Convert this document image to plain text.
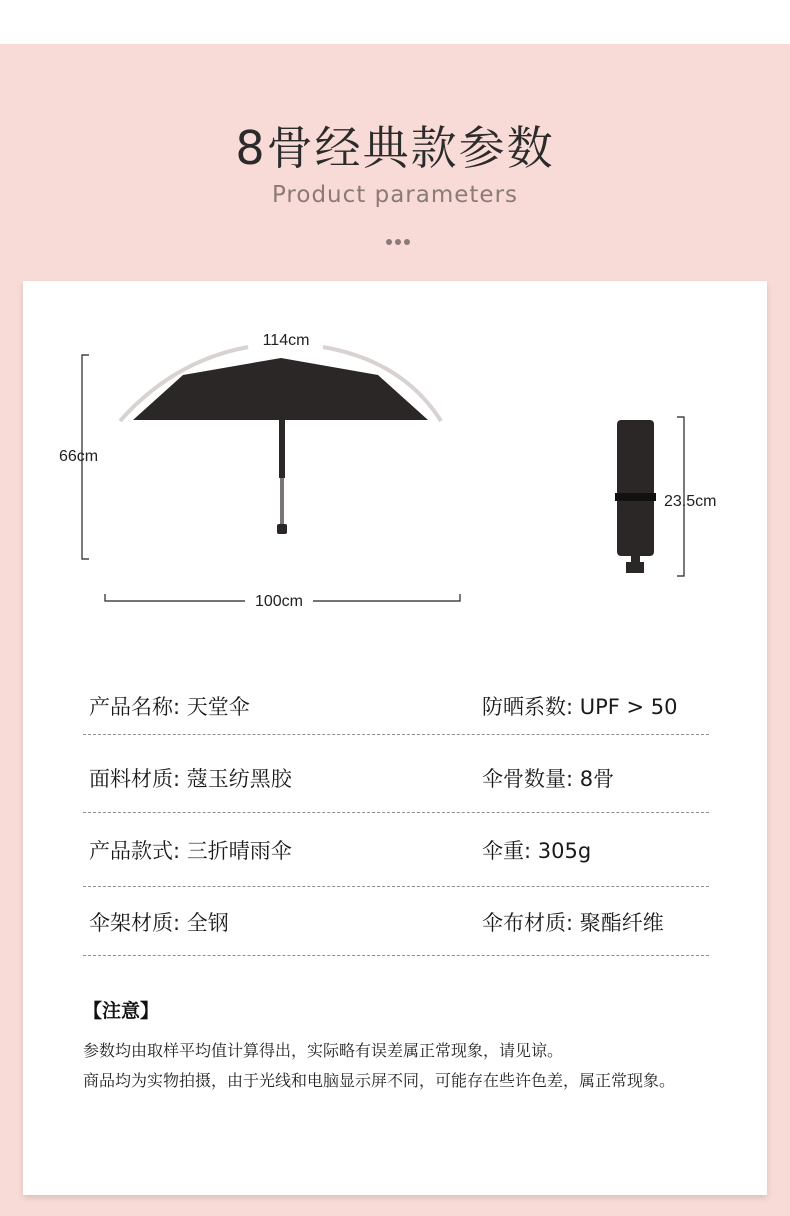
8骨经典款参数
Product parameters
114cm
66cm
100cm
23.5cm
产品名称: 天堂伞	防晒系数: UPF > 50
面料材质: 蔻玉纺黑胶	伞骨数量: 8骨
产品款式: 三折晴雨伞	伞重: 305g
伞架材质: 全钢	伞布材质: 聚酯纤维
【注意】
参数均由取样平均值计算得出，实际略有误差属正常现象，请见谅。
商品均为实物拍摄，由于光线和电脑显示屏不同，可能存在些许色差，属正常现象。
